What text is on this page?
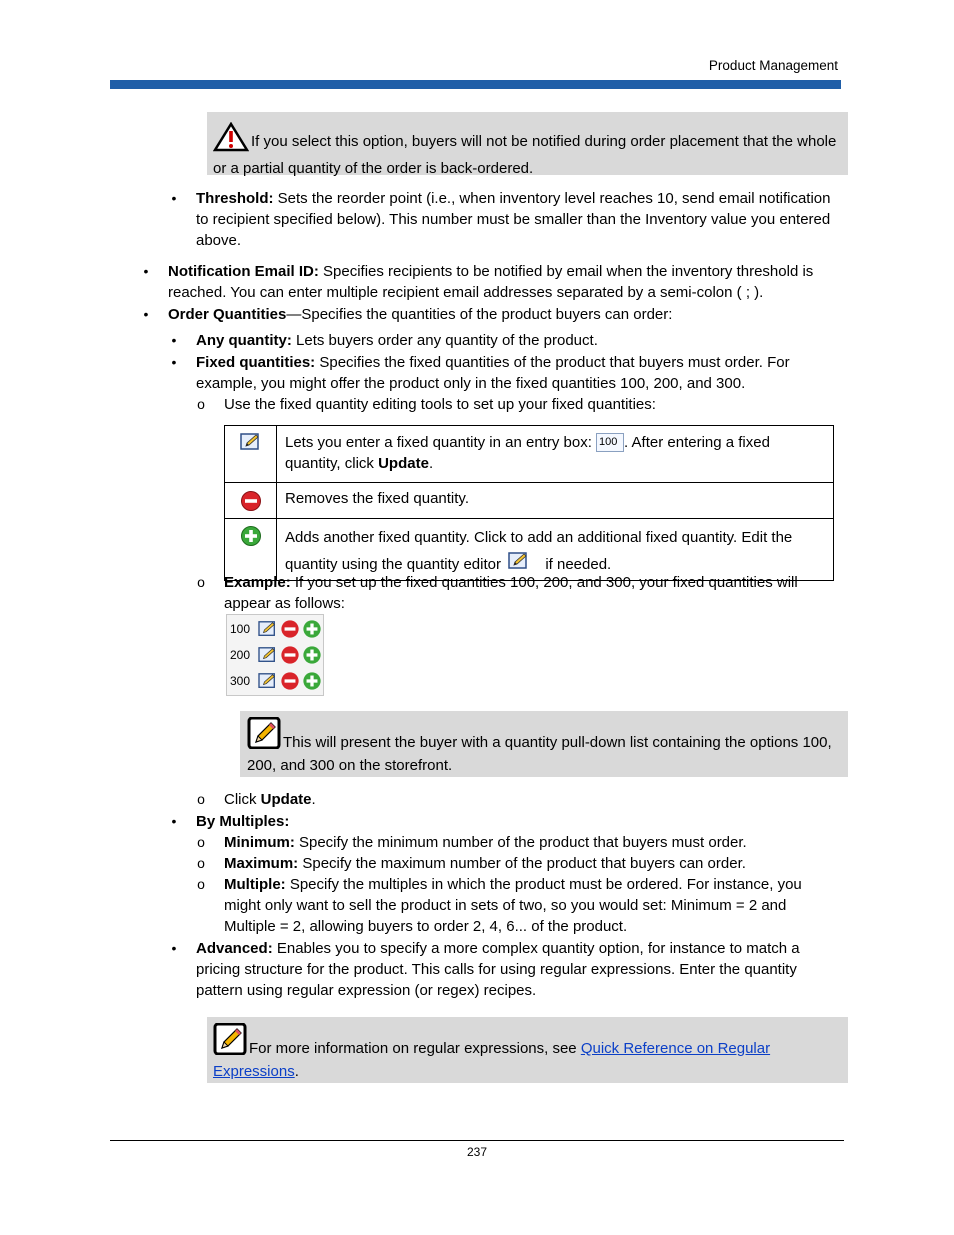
Product Management
If you select this option, buyers will not be notified during order placement that the whole or a partial quantity of the order is back-ordered.
• Threshold: Sets the reorder point (i.e., when inventory level reaches 10, send email notification to recipient specified below). This number must be smaller than the Inventory value you entered above.
• Notification Email ID: Specifies recipients to be notified by email when the inventory threshold is reached. You can enter multiple recipient email addresses separated by a semi-colon ( ; ).
• Order Quantities—Specifies the quantities of the product buyers can order:
• Any quantity: Lets buyers order any quantity of the product.
• Fixed quantities: Specifies the fixed quantities of the product that buyers must order. For example, you might offer the product only in the fixed quantities 100, 200, and 300.
o Use the fixed quantity editing tools to set up your fixed quantities:
	Lets you enter a fixed quantity in an entry box: 100 . After entering a fixed quantity, click Update.
	Removes the fixed quantity.
	Adds another fixed quantity. Click to add an additional fixed quantity. Edit the quantity using the quantity editor  if needed.
o Example: If you set up the fixed quantities 100, 200, and 300, your fixed quantities will appear as follows:
100
200
300
This will present the buyer with a quantity pull-down list containing the options 100, 200, and 300 on the storefront.
o Click Update.
• By Multiples:
o Minimum: Specify the minimum number of the product that buyers must order.
o Maximum: Specify the maximum number of the product that buyers can order.
o Multiple: Specify the multiples in which the product must be ordered. For instance, you might only want to sell the product in sets of two, so you would set: Minimum = 2 and Multiple = 2, allowing buyers to order 2, 4, 6... of the product.
• Advanced: Enables you to specify a more complex quantity option, for instance to match a pricing structure for the product. This calls for using regular expressions. Enter the quantity pattern using regular expression (or regex) recipes.
For more information on regular expressions, see Quick Reference on Regular Expressions.
237
